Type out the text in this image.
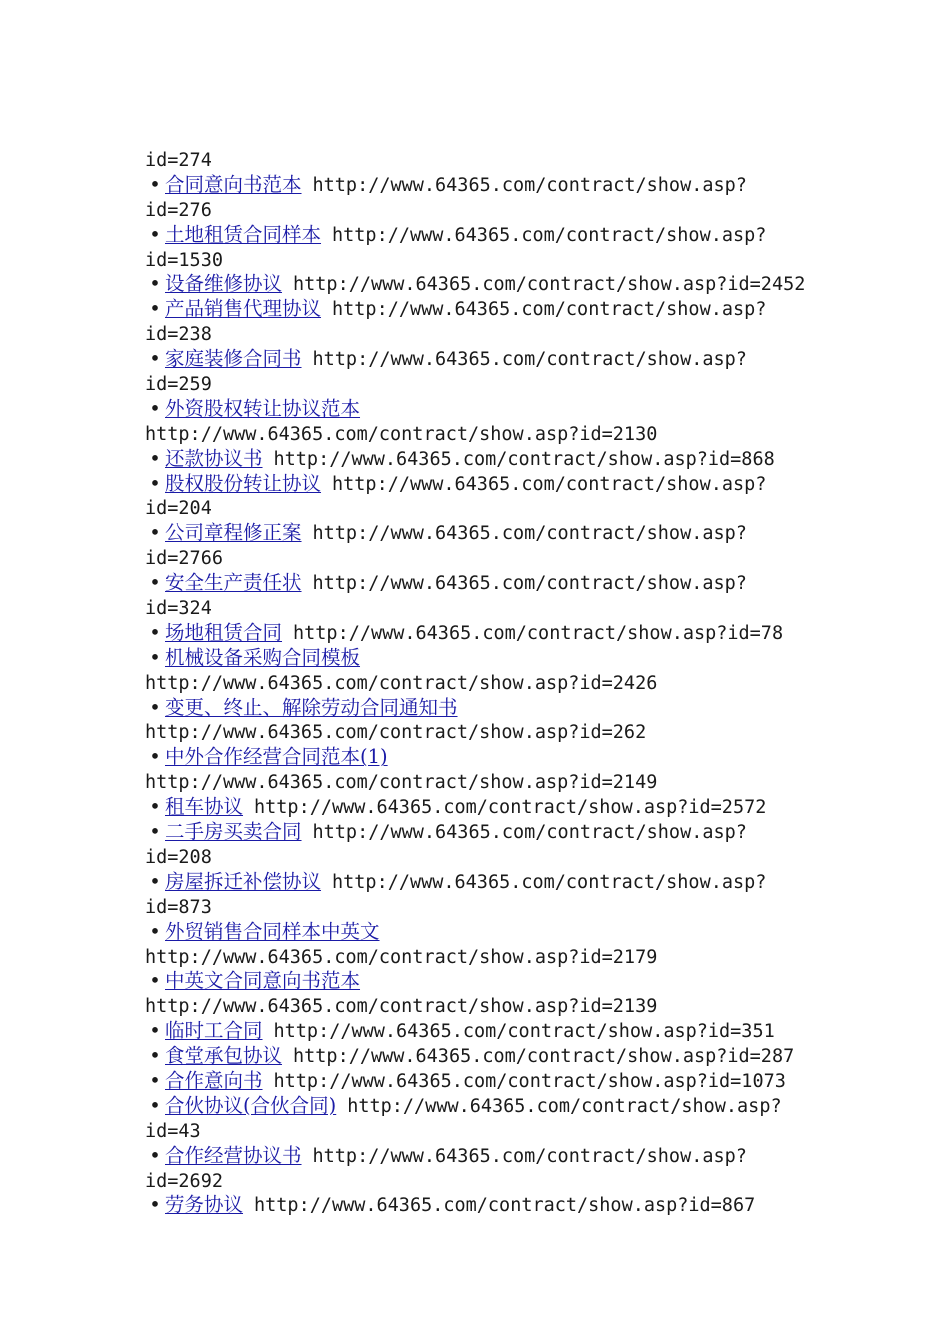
id=274
• 合同意向书范本 http://www.64365.com/contract/show.asp?
id=276
• 土地租赁合同样本 http://www.64365.com/contract/show.asp?
id=1530
• 设备维修协议 http://www.64365.com/contract/show.asp?id=2452
• 产品销售代理协议 http://www.64365.com/contract/show.asp?
id=238
• 家庭装修合同书 http://www.64365.com/contract/show.asp?
id=259
• 外资股权转让协议范本
http://www.64365.com/contract/show.asp?id=2130
• 还款协议书 http://www.64365.com/contract/show.asp?id=868
• 股权股份转让协议 http://www.64365.com/contract/show.asp?
id=204
• 公司章程修正案 http://www.64365.com/contract/show.asp?
id=2766
• 安全生产责任状 http://www.64365.com/contract/show.asp?
id=324
• 场地租赁合同 http://www.64365.com/contract/show.asp?id=78
• 机械设备采购合同模板
http://www.64365.com/contract/show.asp?id=2426
• 变更、终止、解除劳动合同通知书
http://www.64365.com/contract/show.asp?id=262
• 中外合作经营合同范本(1)
http://www.64365.com/contract/show.asp?id=2149
• 租车协议 http://www.64365.com/contract/show.asp?id=2572
• 二手房买卖合同 http://www.64365.com/contract/show.asp?
id=208
• 房屋拆迁补偿协议 http://www.64365.com/contract/show.asp?
id=873
• 外贸销售合同样本中英文
http://www.64365.com/contract/show.asp?id=2179
• 中英文合同意向书范本
http://www.64365.com/contract/show.asp?id=2139
• 临时工合同 http://www.64365.com/contract/show.asp?id=351
• 食堂承包协议 http://www.64365.com/contract/show.asp?id=287
• 合作意向书 http://www.64365.com/contract/show.asp?id=1073
• 合伙协议(合伙合同) http://www.64365.com/contract/show.asp?
id=43
• 合作经营协议书 http://www.64365.com/contract/show.asp?
id=2692
• 劳务协议 http://www.64365.com/contract/show.asp?id=867
